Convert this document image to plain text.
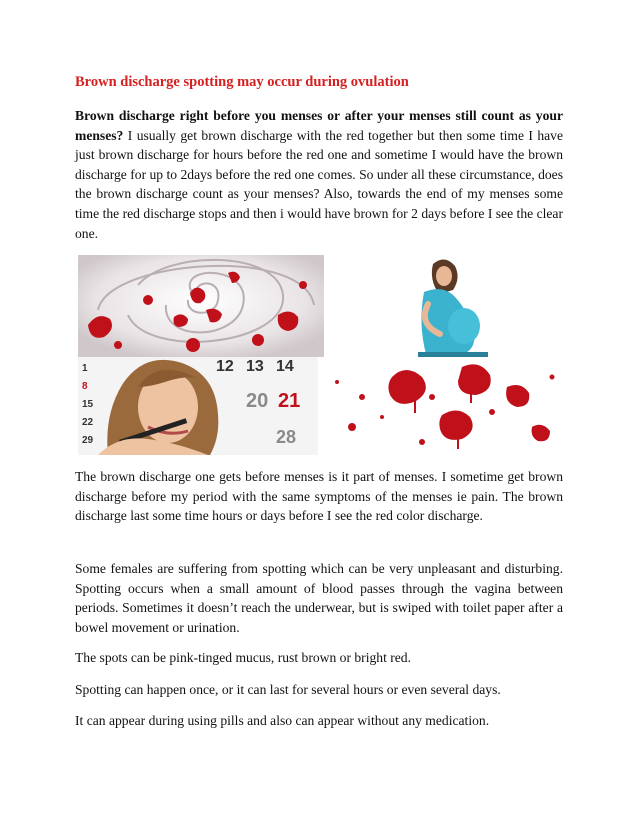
Brown discharge spotting may occur during ovulation

Brown discharge right before you menses or after your menses still count as your menses? I usually get brown discharge with the red together but then some time I have just brown discharge for hours before the red one and sometime I would have the brown discharge for up to 2days before the red one comes. So under all these circumstance, does the brown discharge count as your menses? Also, towards the end of my menses some time the red discharge stops and then i would have brown for 2 days before I see the clear one.

12 13 14
20 21
28
1
8
15
22
29

The brown discharge one gets before menses is it part of menses. I sometime get brown discharge before my period with the same symptoms of the menses ie pain. The brown discharge last some time hours or days before I see the red color discharge.

Some females are suffering from spotting which can be very unpleasant and disturbing. Spotting occurs when a small amount of blood passes through the vagina between periods. Sometimes it doesn’t reach the underwear, but is swiped with toilet paper after a bowel movement or urination.

The spots can be pink-tinged mucus, rust brown or bright red.

Spotting can happen once, or it can last for several hours or even several days.

It can appear during using pills and also can appear without any medication.
